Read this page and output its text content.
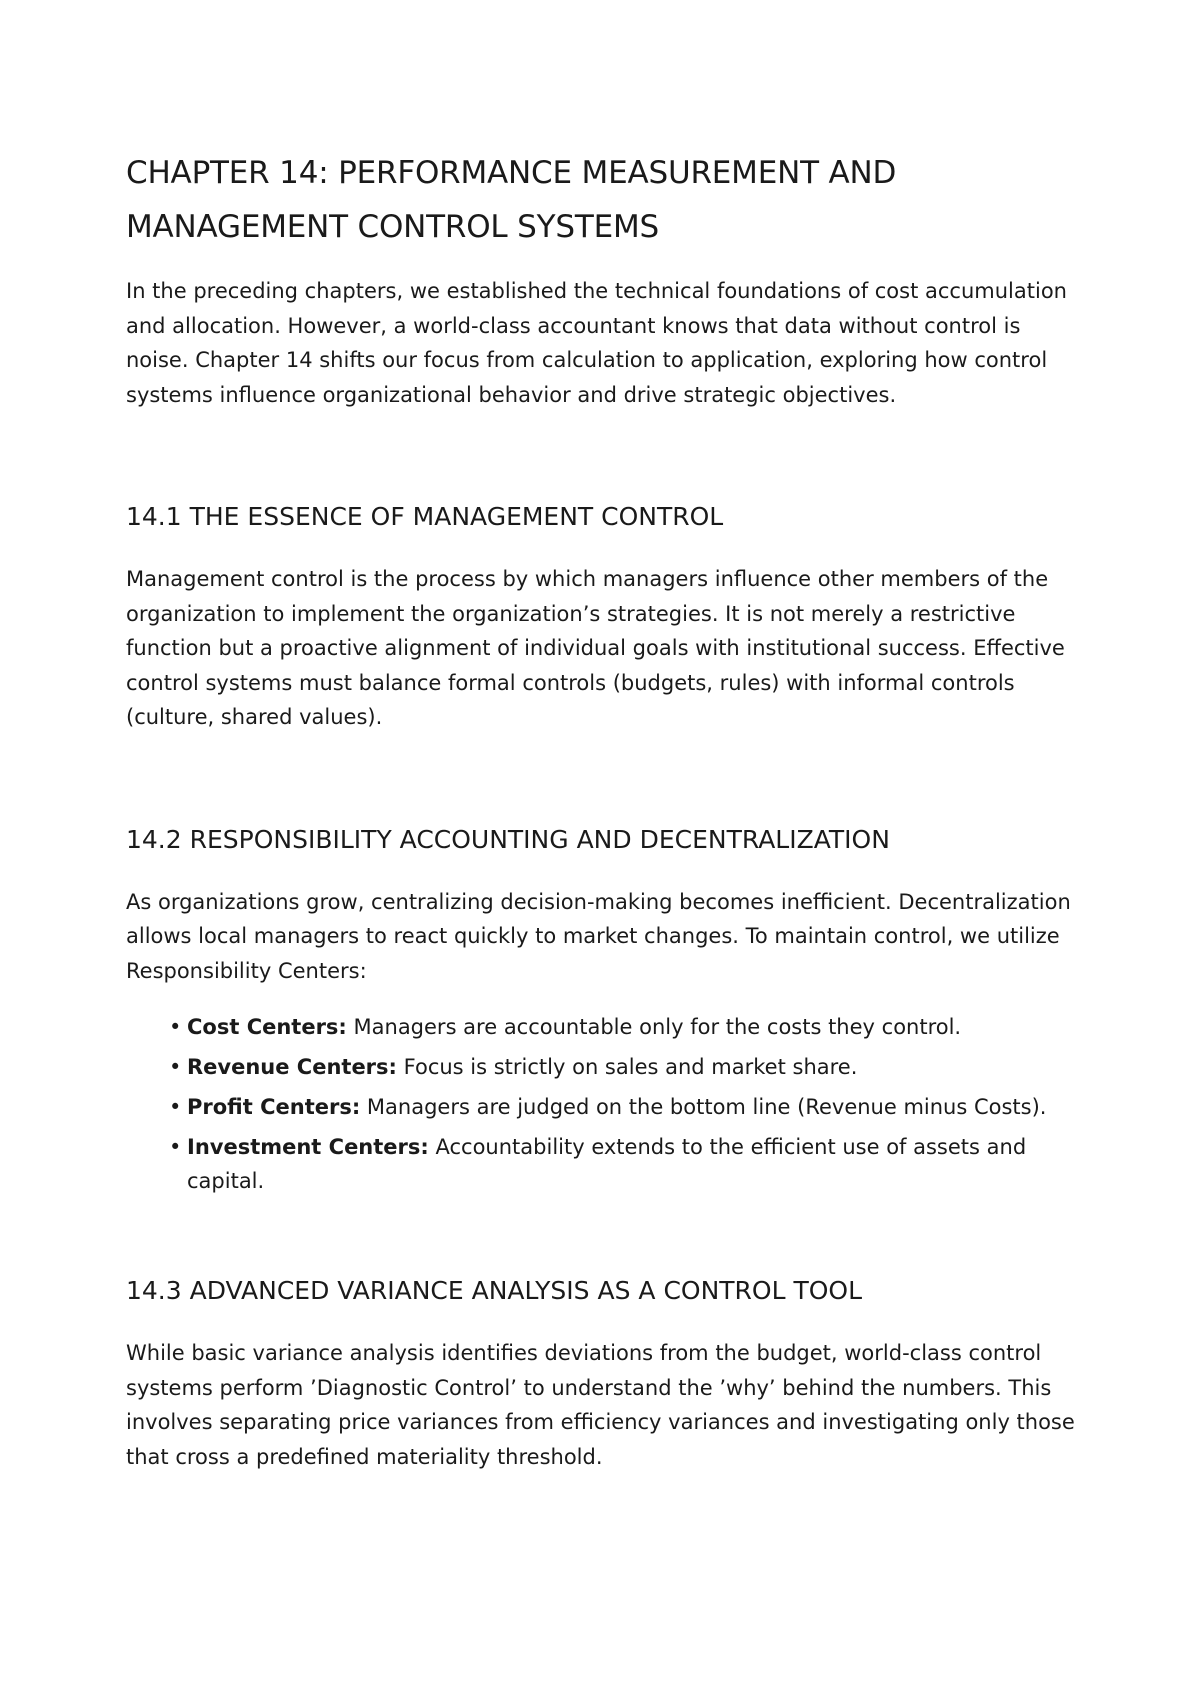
CHAPTER 14: PERFORMANCE MEASUREMENT AND MANAGEMENT CONTROL SYSTEMS

In the preceding chapters, we established the technical foundations of cost accumulation and allocation. However, a world-class accountant knows that data without control is noise. Chapter 14 shifts our focus from calculation to application, exploring how control systems influence organizational behavior and drive strategic objectives.

14.1 THE ESSENCE OF MANAGEMENT CONTROL

Management control is the process by which managers influence other members of the organization to implement the organization’s strategies. It is not merely a restrictive function but a proactive alignment of individual goals with institutional success. Effective control systems must balance formal controls (budgets, rules) with informal controls (culture, shared values).

14.2 RESPONSIBILITY ACCOUNTING AND DECENTRALIZATION

As organizations grow, centralizing decision-making becomes inefficient. Decentralization allows local managers to react quickly to market changes. To maintain control, we utilize Responsibility Centers:

• Cost Centers: Managers are accountable only for the costs they control.
• Revenue Centers: Focus is strictly on sales and market share.
• Profit Centers: Managers are judged on the bottom line (Revenue minus Costs).
• Investment Centers: Accountability extends to the efficient use of assets and capital.
14.3 ADVANCED VARIANCE ANALYSIS AS A CONTROL TOOL

While basic variance analysis identifies deviations from the budget, world-class control systems perform ’Diagnostic Control’ to understand the ’why’ behind the numbers. This involves separating price variances from efficiency variances and investigating only those that cross a predefined materiality threshold.
